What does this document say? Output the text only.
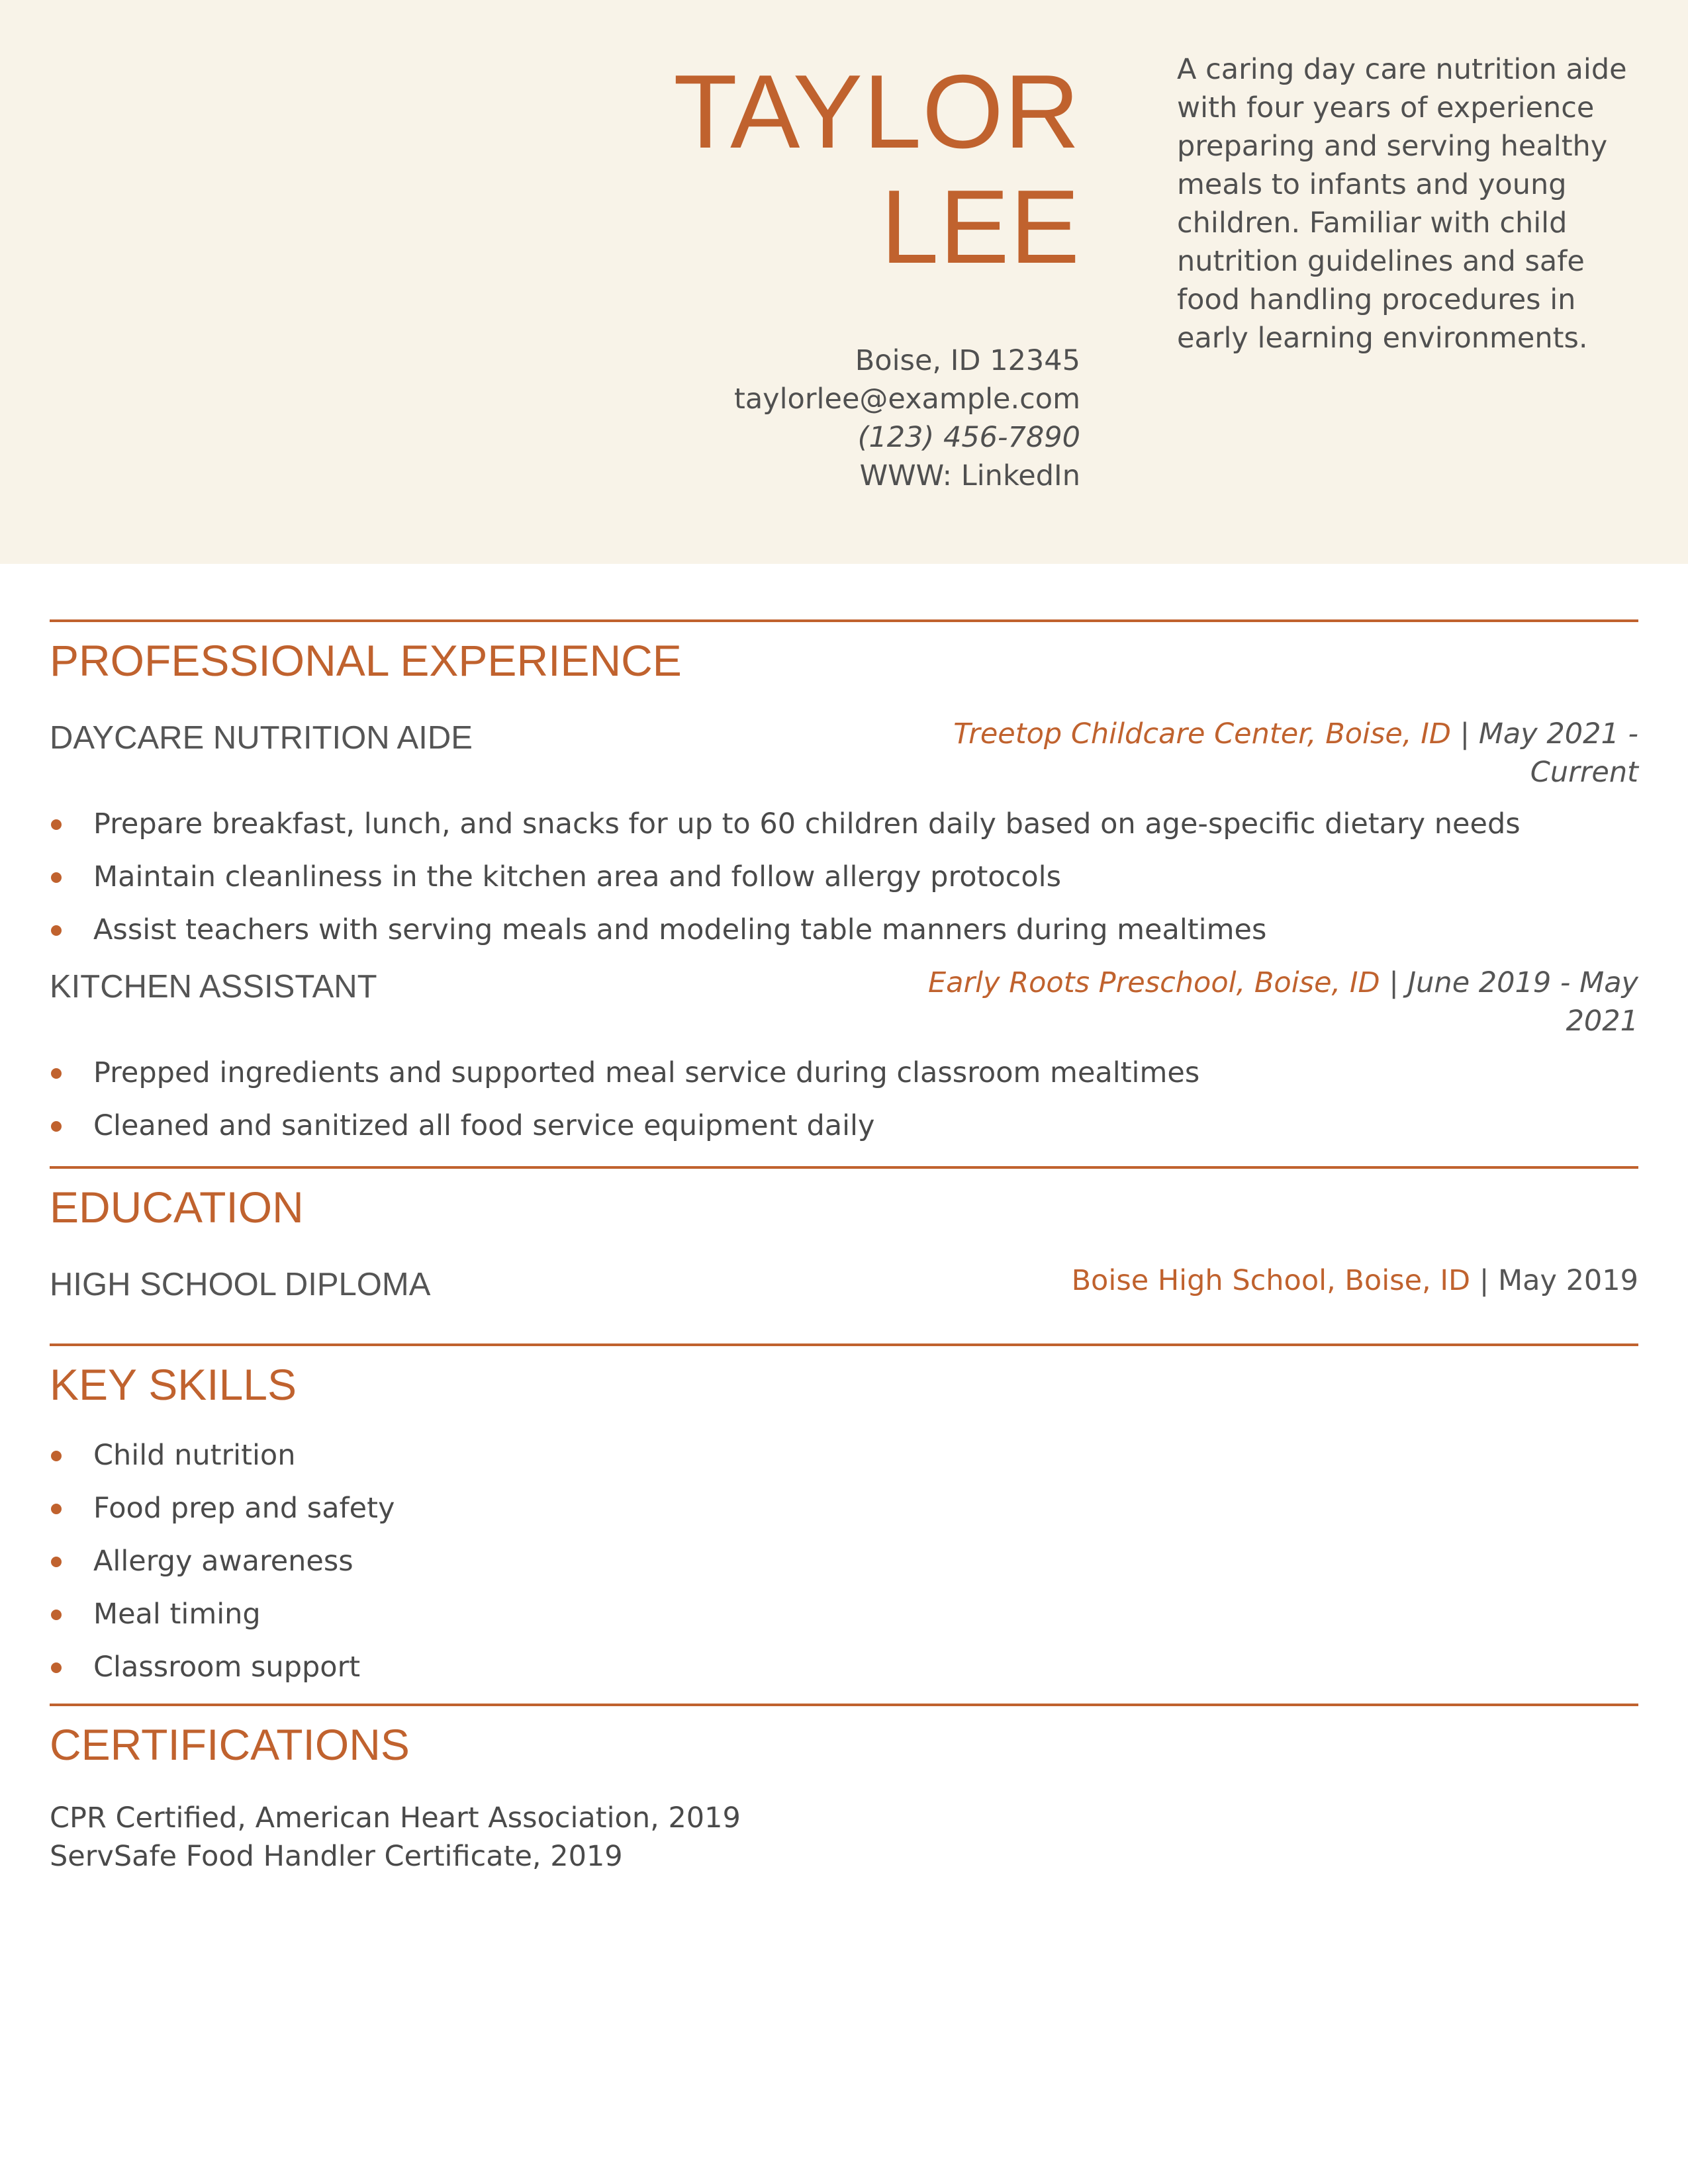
TAYLOR
LEE
Boise, ID 12345
taylorlee@example.com
(123) 456-7890
WWW: LinkedIn
A caring day care nutrition aide with four years of experience preparing and serving healthy meals to infants and young children. Familiar with child nutrition guidelines and safe food handling procedures in early learning environments.
PROFESSIONAL EXPERIENCE
DAYCARE NUTRITION AIDE	Treetop Childcare Center, Boise, ID | May 2021 - Current
Prepare breakfast, lunch, and snacks for up to 60 children daily based on age-specific dietary needs
Maintain cleanliness in the kitchen area and follow allergy protocols
Assist teachers with serving meals and modeling table manners during mealtimes
KITCHEN ASSISTANT	Early Roots Preschool, Boise, ID | June 2019 - May 2021
Prepped ingredients and supported meal service during classroom mealtimes
Cleaned and sanitized all food service equipment daily
EDUCATION
HIGH SCHOOL DIPLOMA	Boise High School, Boise, ID | May 2019
KEY SKILLS
Child nutrition
Food prep and safety
Allergy awareness
Meal timing
Classroom support
CERTIFICATIONS
CPR Certified, American Heart Association, 2019
ServSafe Food Handler Certificate, 2019
